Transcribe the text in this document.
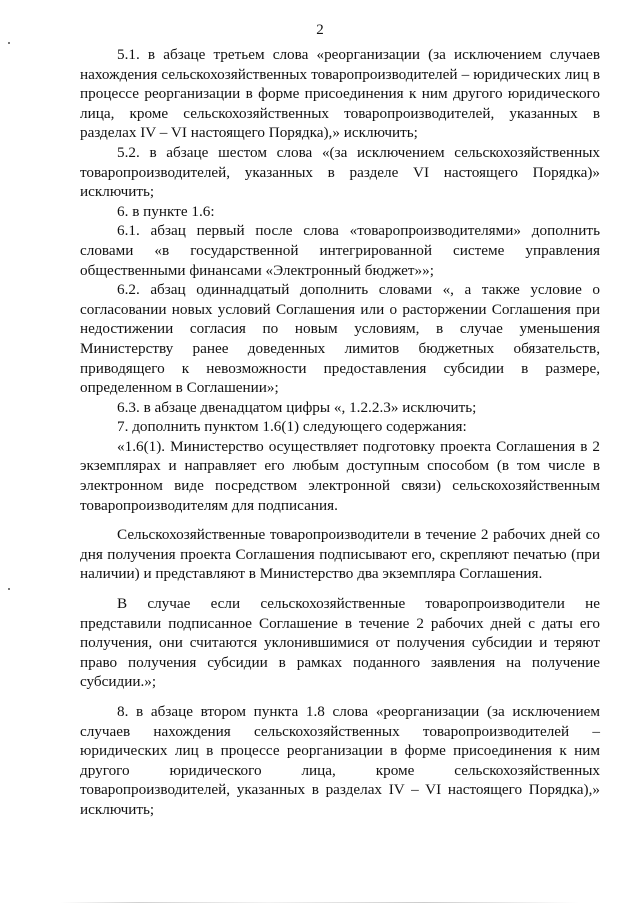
2

5.1. в абзаце третьем слова «реорганизации (за исключением случаев нахождения сельскохозяйственных товаропроизводителей – юридических лиц в процессе реорганизации в форме присоединения к ним другого юридического лица, кроме сельскохозяйственных товаропроизводителей, указанных в разделах IV – VI настоящего Порядка),» исключить;

5.2. в абзаце шестом слова «(за исключением сельскохозяйственных товаропроизводителей, указанных в разделе VI настоящего Порядка)» исключить;

6. в пункте 1.6:

6.1. абзац первый после слова «товаропроизводителями» дополнить словами «в государственной интегрированной системе управления общественными финансами «Электронный бюджет»»;

6.2. абзац одиннадцатый дополнить словами «, а также условие о согласовании новых условий Соглашения или о расторжении Соглашения при недостижении согласия по новым условиям, в случае уменьшения Министерству ранее доведенных лимитов бюджетных обязательств, приводящего к невозможности предоставления субсидии в размере, определенном в Соглашении»;

6.3. в абзаце двенадцатом цифры «, 1.2.2.3» исключить;

7. дополнить пунктом 1.6(1) следующего содержания:

«1.6(1). Министерство осуществляет подготовку проекта Соглашения в 2 экземплярах и направляет его любым доступным способом (в том числе в электронном виде посредством электронной связи) сельскохозяйственным товаропроизводителям для подписания.

Сельскохозяйственные товаропроизводители в течение 2 рабочих дней со дня получения проекта Соглашения подписывают его, скрепляют печатью (при наличии) и представляют в Министерство два экземпляра Соглашения.

В случае если сельскохозяйственные товаропроизводители не представили подписанное Соглашение в течение 2 рабочих дней с даты его получения, они считаются уклонившимися от получения субсидии и теряют право получения субсидии в рамках поданного заявления на получение субсидии.»;

8. в абзаце втором пункта 1.8 слова «реорганизации (за исключением случаев нахождения сельскохозяйственных товаропроизводителей – юридических лиц в процессе реорганизации в форме присоединения к ним другого юридического лица, кроме сельскохозяйственных товаропроизводителей, указанных в разделах IV – VI настоящего Порядка),» исключить;
